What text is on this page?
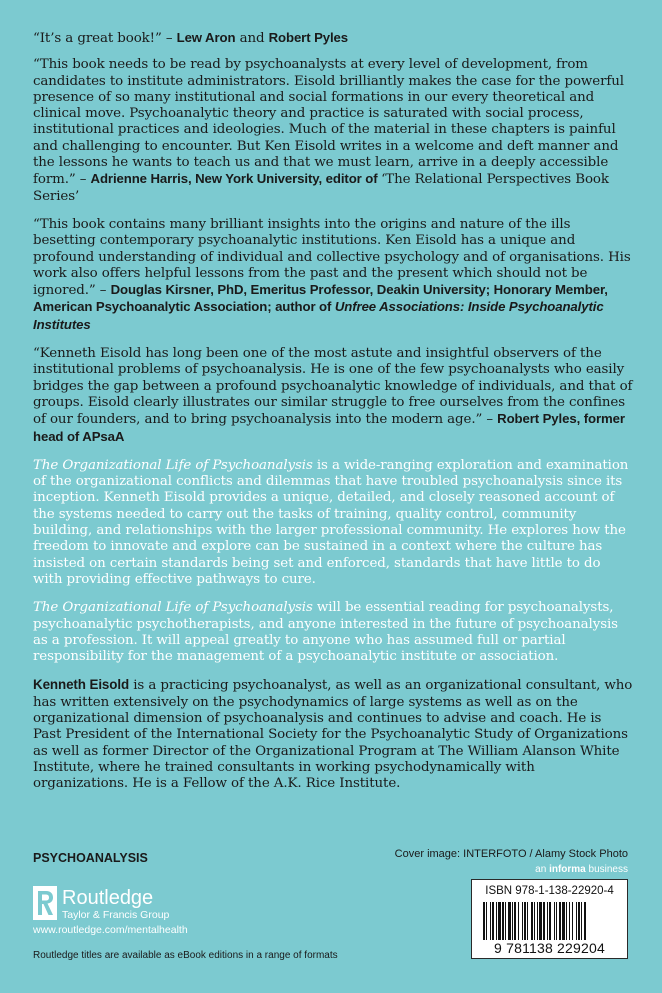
“It’s a great book!” – Lew Aron and Robert Pyles

“This book needs to be read by psychoanalysts at every level of development, from candidates to institute administrators. Eisold brilliantly makes the case for the powerful presence of so many institutional and social formations in our every theoretical and clinical move. Psychoanalytic theory and practice is saturated with social process, institutional practices and ideologies. Much of the material in these chapters is painful and challenging to encounter. But Ken Eisold writes in a welcome and deft manner and the lessons he wants to teach us and that we must learn, arrive in a deeply accessible form.” – Adrienne Harris, New York University, editor of ‘The Relational Perspectives Book Series’

“This book contains many brilliant insights into the origins and nature of the ills besetting contemporary psychoanalytic institutions. Ken Eisold has a unique and profound understanding of individual and collective psychology and of organisations. His work also offers helpful lessons from the past and the present which should not be ignored.” – Douglas Kirsner, PhD, Emeritus Professor, Deakin University; Honorary Member, American Psychoanalytic Association; author of Unfree Associations: Inside Psychoanalytic Institutes

“Kenneth Eisold has long been one of the most astute and insightful observers of the institutional problems of psychoanalysis. He is one of the few psychoanalysts who easily bridges the gap between a profound psychoanalytic knowledge of individuals, and that of groups. Eisold clearly illustrates our similar struggle to free ourselves from the confines of our founders, and to bring psychoanalysis into the modern age.” – Robert Pyles, former head of APsaA

The Organizational Life of Psychoanalysis is a wide-ranging exploration and examination of the organizational conflicts and dilemmas that have troubled psychoanalysis since its inception. Kenneth Eisold provides a unique, detailed, and closely reasoned account of the systems needed to carry out the tasks of training, quality control, community building, and relationships with the larger professional community. He explores how the freedom to innovate and explore can be sustained in a context where the culture has insisted on certain standards being set and enforced, standards that have little to do with providing effective pathways to cure.

The Organizational Life of Psychoanalysis will be essential reading for psychoanalysts, psychoanalytic psychotherapists, and anyone interested in the future of psychoanalysis as a profession. It will appeal greatly to anyone who has assumed full or partial responsibility for the management of a psychoanalytic institute or association.

Kenneth Eisold is a practicing psychoanalyst, as well as an organizational consultant, who has written extensively on the psychodynamics of large systems as well as on the organizational dimension of psychoanalysis and continues to advise and coach. He is Past President of the International Society for the Psychoanalytic Study of Organizations as well as former Director of the Organizational Program at The William Alanson White Institute, where he trained consultants in working psychodynamically with organizations. He is a Fellow of the A.K. Rice Institute.

PSYCHOANALYSIS	Cover image: INTERFOTO / Alamy Stock Photo
an informa business
Routledge
Taylor & Francis Group
www.routledge.com/mentalhealth
Routledge titles are available as eBook editions in a range of formats
ISBN 978-1-138-22920-4
9 781138 229204
